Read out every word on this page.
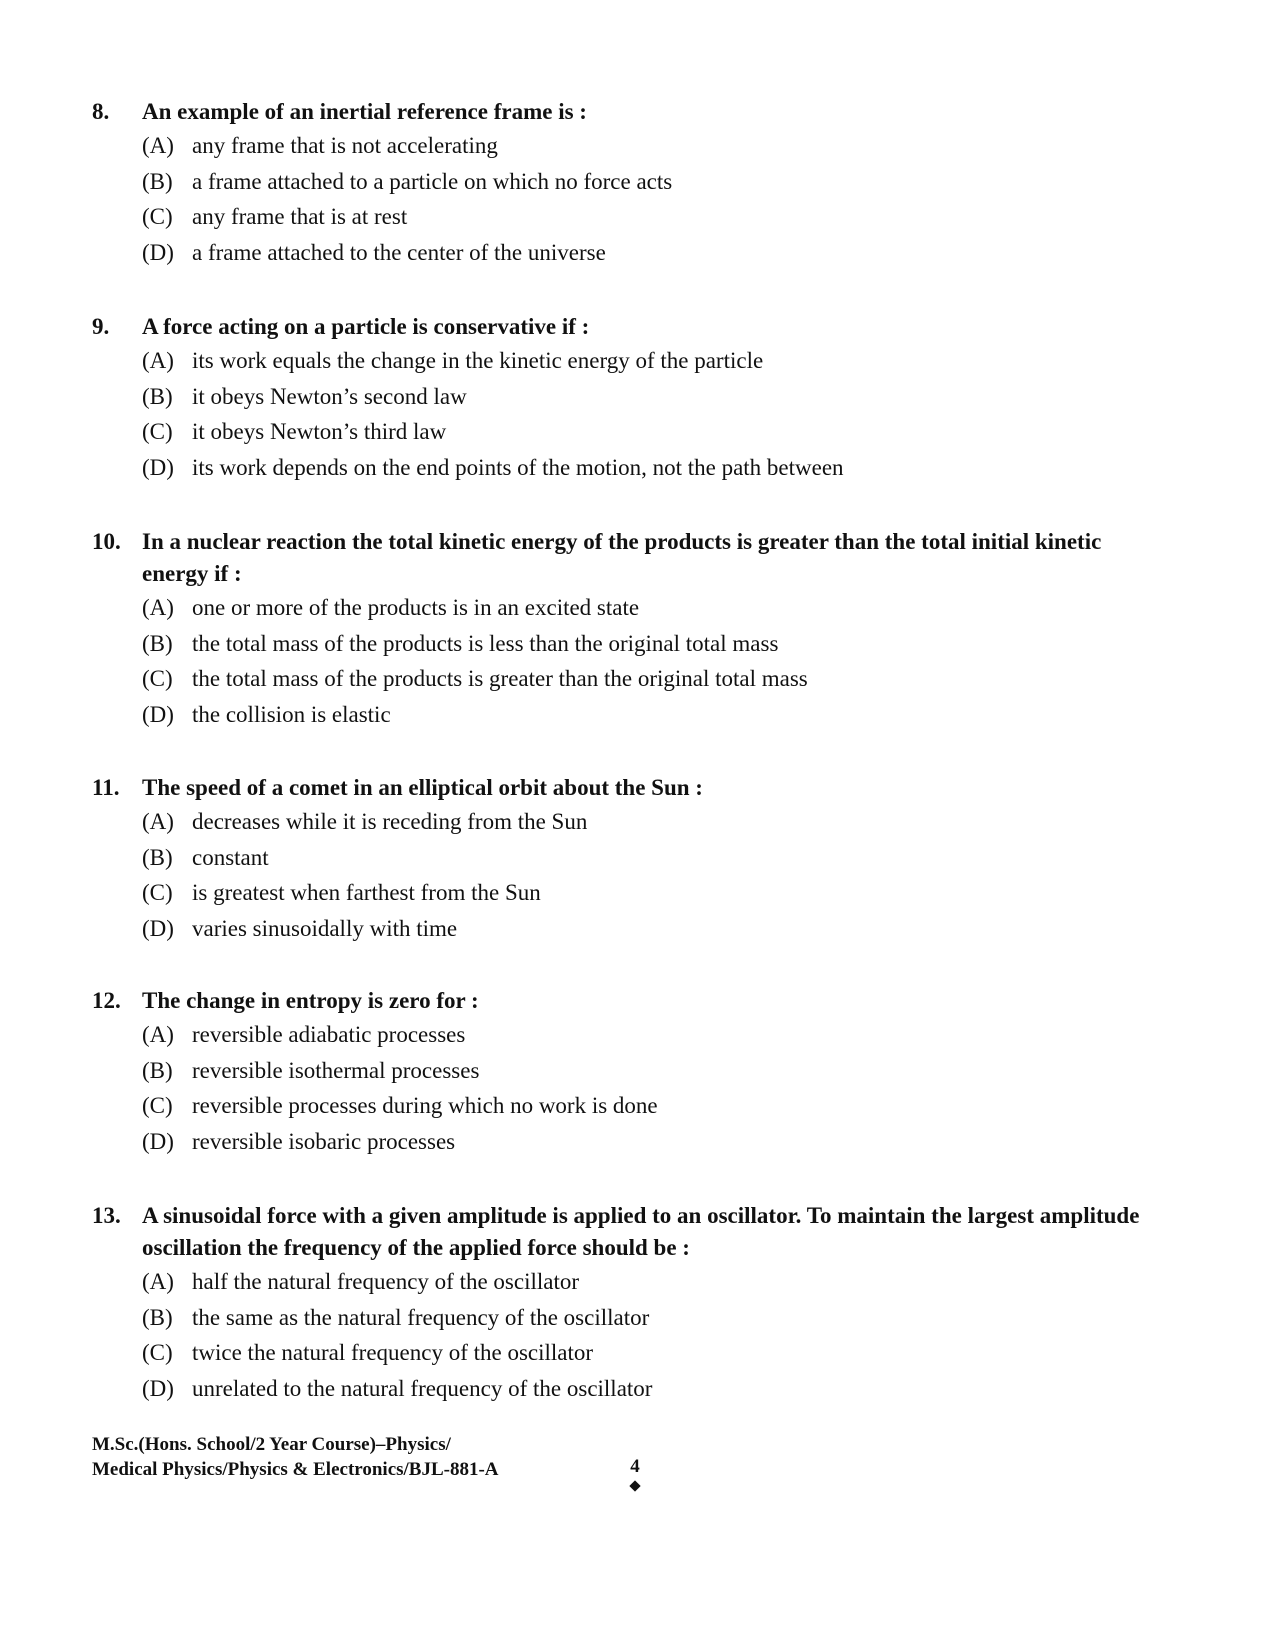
8.	An example of an inertial reference frame is :
(A) any frame that is not accelerating
(B) a frame attached to a particle on which no force acts
(C) any frame that is at rest
(D) a frame attached to the center of the universe
9.	A force acting on a particle is conservative if :
(A) its work equals the change in the kinetic energy of the particle
(B) it obeys Newton’s second law
(C) it obeys Newton’s third law
(D) its work depends on the end points of the motion, not the path between
10. In a nuclear reaction the total kinetic energy of the products is greater than the total initial kinetic energy if :
(A) one or more of the products is in an excited state
(B) the total mass of the products is less than the original total mass
(C) the total mass of the products is greater than the original total mass
(D) the collision is elastic
11. The speed of a comet in an elliptical orbit about the Sun :
(A) decreases while it is receding from the Sun
(B) constant
(C) is greatest when farthest from the Sun
(D) varies sinusoidally with time
12. The change in entropy is zero for :
(A) reversible adiabatic processes
(B) reversible isothermal processes
(C) reversible processes during which no work is done
(D) reversible isobaric processes
13. A sinusoidal force with a given amplitude is applied to an oscillator. To maintain the largest amplitude oscillation the frequency of the applied force should be :
(A) half the natural frequency of the oscillator
(B) the same as the natural frequency of the oscillator
(C) twice the natural frequency of the oscillator
(D) unrelated to the natural frequency of the oscillator
M.Sc.(Hons. School/2 Year Course)–Physics/
Medical Physics/Physics & Electronics/BJL-881-A	4
